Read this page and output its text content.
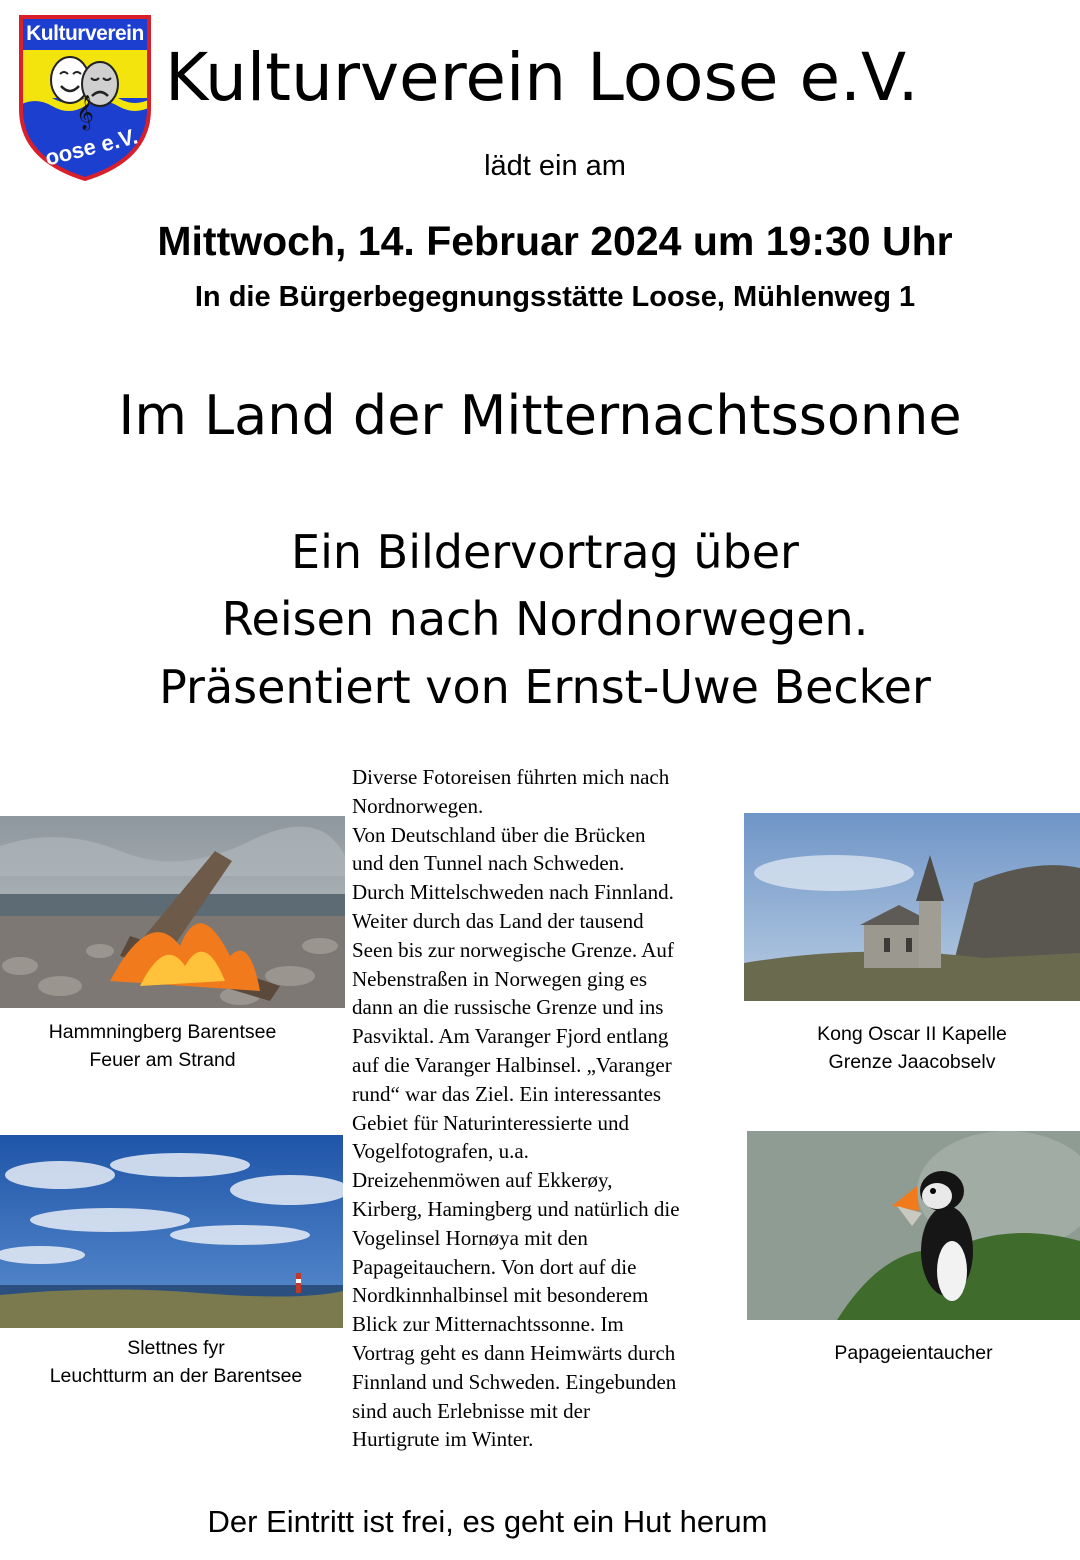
𝄞
Kulturverein
Loose e.V.
Kulturverein Loose e.V.
lädt ein am
Mittwoch, 14. Februar 2024 um 19:30 Uhr
In die Bürgerbegegnungsstätte Loose, Mühlenweg 1
Im Land der Mitternachtssonne
Ein Bildervortrag über
Reisen nach Nordnorwegen.
Präsentiert von Ernst-Uwe Becker
Diverse Fotoreisen führten mich nach
Nordnorwegen.
Von Deutschland über die Brücken
und den Tunnel nach Schweden.
Durch Mittelschweden nach Finnland.
Weiter durch das Land der tausend
Seen bis zur norwegische Grenze. Auf
Nebenstraßen in Norwegen ging es
dann an die russische Grenze und ins
Pasviktal. Am Varanger Fjord entlang
auf die Varanger Halbinsel. „Varanger
rund“ war das Ziel. Ein interessantes
Gebiet für Naturinteressierte und
Vogelfotografen, u.a.
Dreizehenmöwen auf Ekkerøy,
Kirberg, Hamingberg und natürlich die
Vogelinsel Hornøya mit den
Papageitauchern. Von dort auf die
Nordkinnhalbinsel mit besonderem
Blick zur Mitternachtssonne. Im
Vortrag geht es dann Heimwärts durch
Finnland und Schweden. Eingebunden
sind auch Erlebnisse mit der
Hurtigrute im Winter.
Hammningberg Barentsee
Feuer am Strand
Slettnes fyr
Leuchtturm an der Barentsee
Kong Oscar II Kapelle
Grenze Jaacobselv
Papageientaucher
Der Eintritt ist frei, es geht ein Hut herum
